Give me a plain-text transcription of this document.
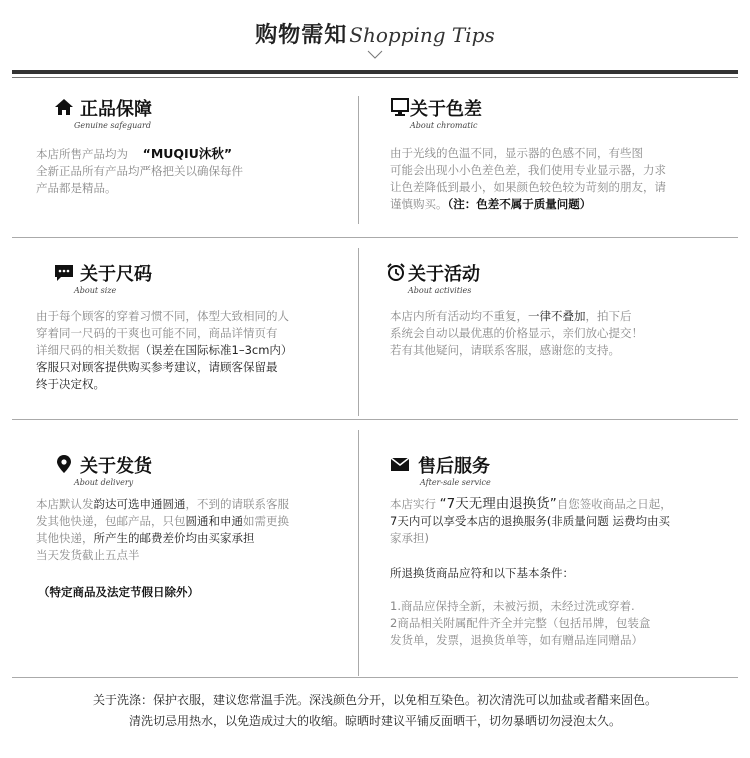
购物需知 Shopping Tips
正品保障
Genuine safeguard
本店所售产品均为 “MUQIU沐秋”
全新正品所有产品均严格把关以确保每件
产品都是精品。
关于色差
About chromatic
由于光线的色温不同，显示器的色感不同，有些图
可能会出现小小色差色差，我们使用专业显示器，力求
让色差降低到最小，如果颜色较色较为苛刻的朋友，请
谨慎购买。（注：色差不属于质量问题）
关于尺码
About size
由于每个顾客的穿着习惯不同，体型大致相同的人
穿着同一尺码的干爽也可能不同，商品详情页有
详细尺码的相关数据（误差在国际标准1–3cm内）
客服只对顾客提供购买参考建议，请顾客保留最
终于决定权。
关于活动
About activities
本店内所有活动均不重复，一律不叠加，拍下后
系统会自动以最优惠的价格显示，亲们放心提交！
若有其他疑问，请联系客服，感谢您的支持。
关于发货
About delivery
本店默认发韵达可选申通圆通，不到的请联系客服
发其他快递，包邮产品，只包圆通和申通如需更换
其他快递，所产生的邮费差价均由买家承担
当天发货截止五点半
（特定商品及法定节假日除外）
售后服务
After-sale service
本店实行 “7天无理由退换货”自您签收商品之日起，
7天内可以享受本店的退换服务(非质量问题 运费均由买
家承担)
所退换货商品应符和以下基本条件：
1.商品应保持全新，未被污损，未经过洗或穿着.
2商品相关附属配件齐全并完整（包括吊牌，包装盒
发货单，发票，退换货单等，如有赠品连同赠品）
关于洗涤：保护衣服，建议您常温手洗。深浅颜色分开，以免相互染色。初次清洗可以加盐或者醋来固色。
清洗切忌用热水，以免造成过大的收缩。晾晒时建议平铺反面晒干，切勿暴晒切勿浸泡太久。
